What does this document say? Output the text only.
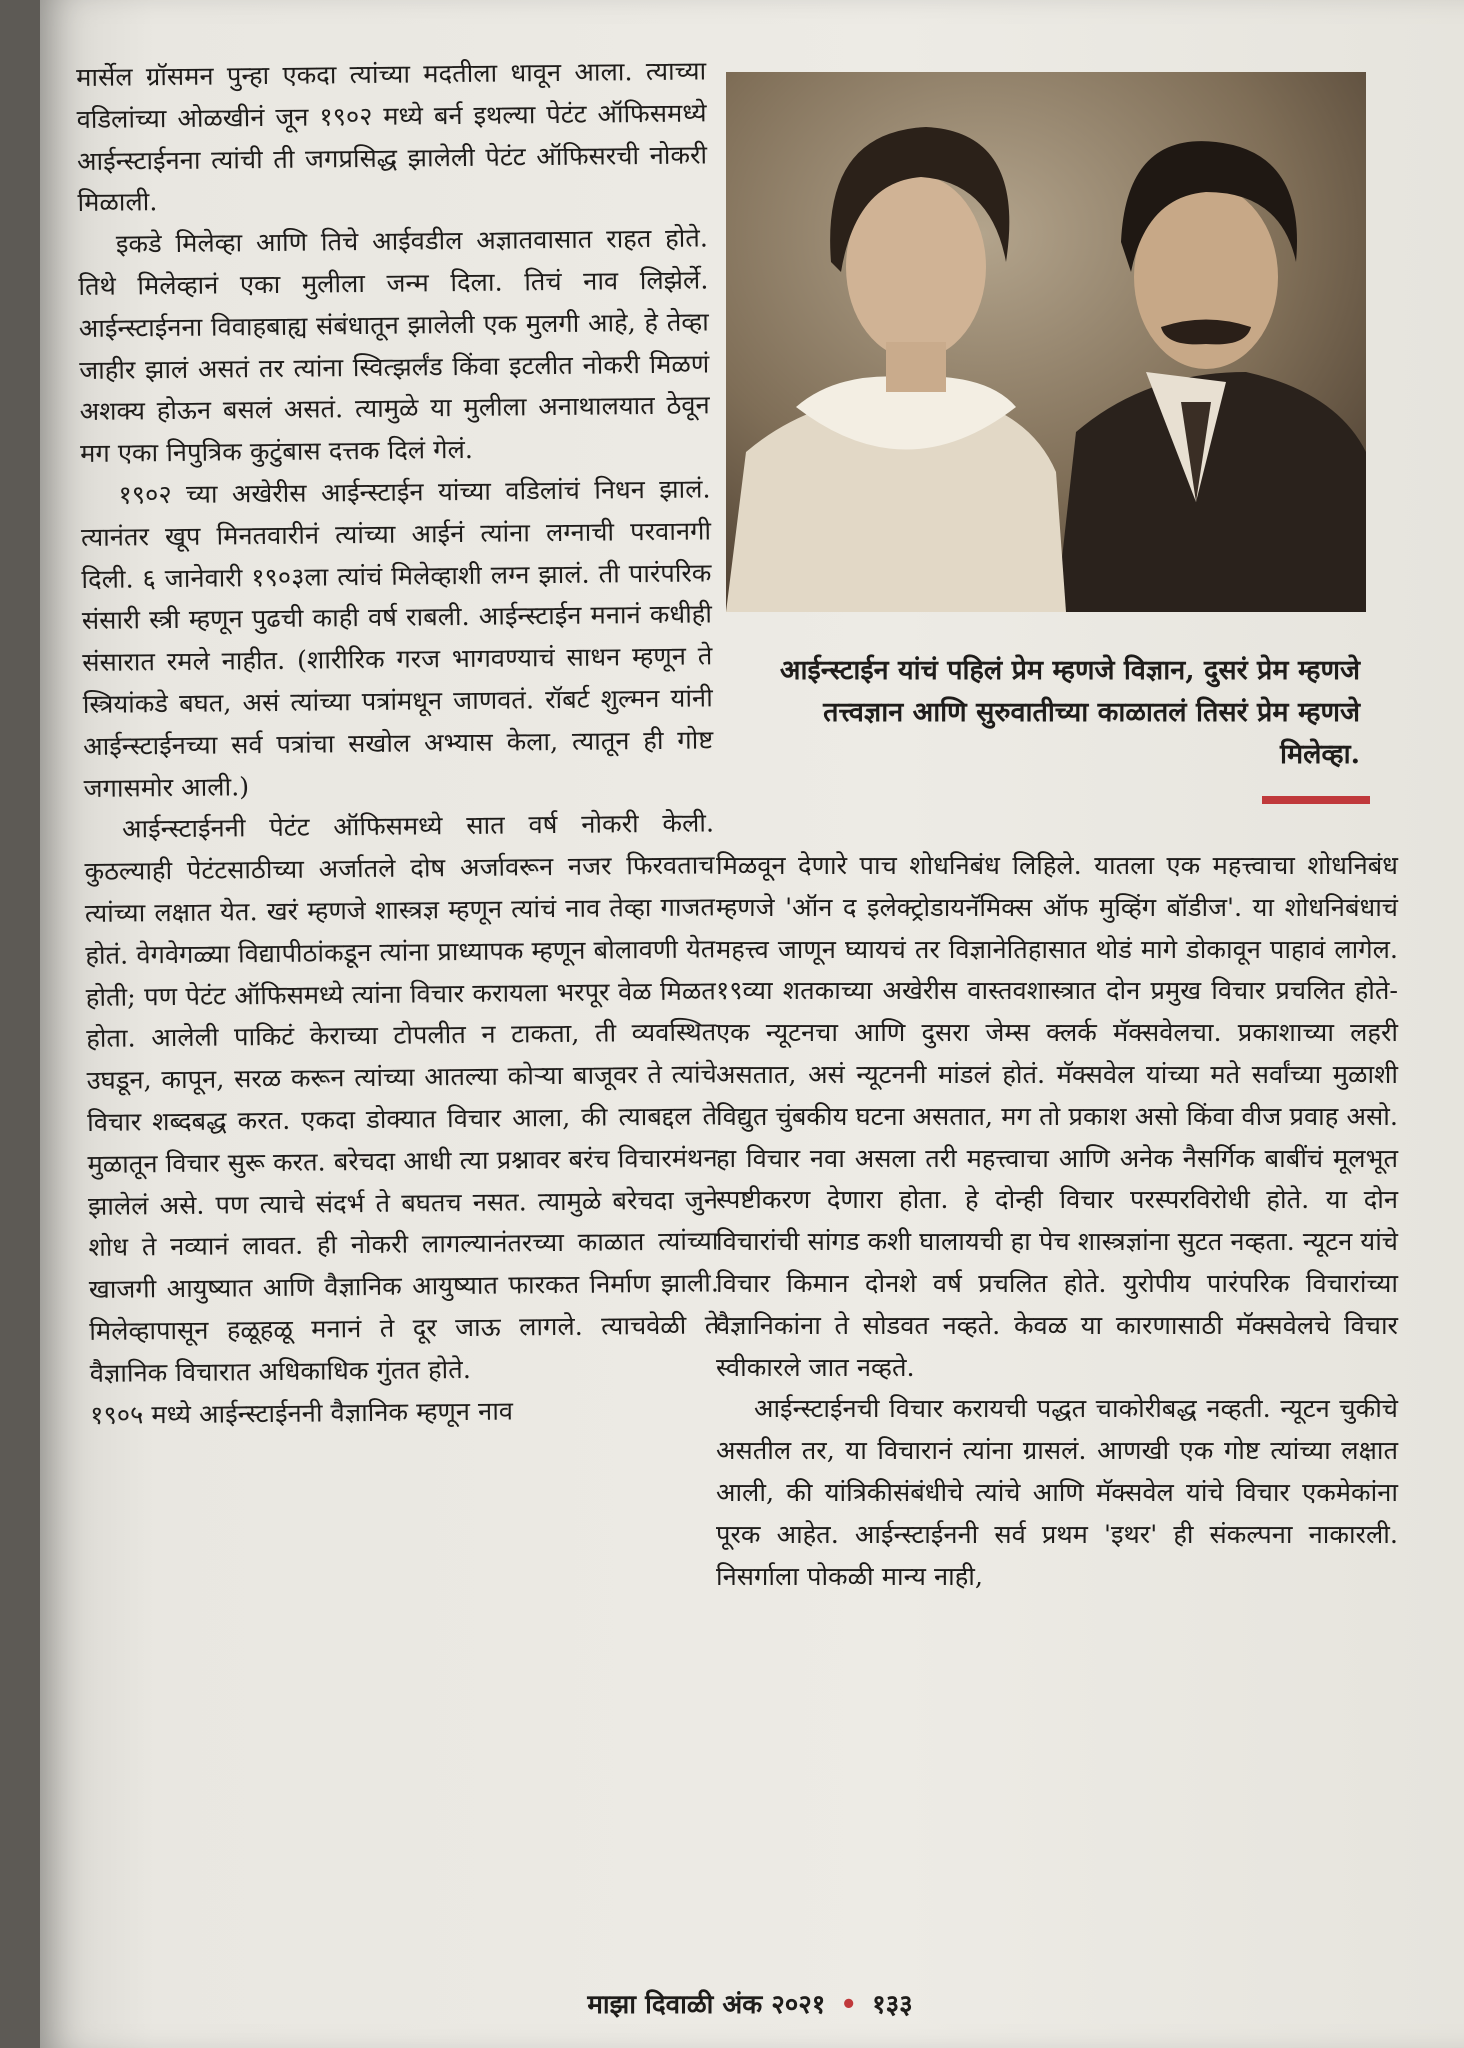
मार्सेल ग्रॉसमन पुन्हा एकदा त्यांच्या मदतीला धावून आला. त्याच्या वडिलांच्या ओळखीनं जून १९०२ मध्ये बर्न इथल्या पेटंट ऑफिसमध्ये आईन्स्टाईनना त्यांची ती जगप्रसिद्ध झालेली पेटंट ऑफिसरची नोकरी मिळाली.

इकडे मिलेव्हा आणि तिचे आईवडील अज्ञातवासात राहत होते. तिथे मिलेव्हानं एका मुलीला जन्म दिला. तिचं नाव लिझेर्ले. आईन्स्टाईनना विवाहबाह्य संबंधातून झालेली एक मुलगी आहे, हे तेव्हा जाहीर झालं असतं तर त्यांना स्वित्झर्लंड किंवा इटलीत नोकरी मिळणं अशक्य होऊन बसलं असतं. त्यामुळे या मुलीला अनाथालयात ठेवून मग एका निपुत्रिक कुटुंबास दत्तक दिलं गेलं.

१९०२ च्या अखेरीस आईन्स्टाईन यांच्या वडिलांचं निधन झालं. त्यानंतर खूप मिनतवारीनं त्यांच्या आईनं त्यांना लग्नाची परवानगी दिली. ६ जानेवारी १९०३ला त्यांचं मिलेव्हाशी लग्न झालं. ती पारंपरिक संसारी स्त्री म्हणून पुढची काही वर्ष राबली. आईन्स्टाईन मनानं कधीही संसारात रमले नाहीत. (शारीरिक गरज भागवण्याचं साधन म्हणून ते स्त्रियांकडे बघत, असं त्यांच्या पत्रांमधून जाणवतं. रॉबर्ट शुल्मन यांनी आईन्स्टाईनच्या सर्व पत्रांचा सखोल अभ्यास केला, त्यातून ही गोष्ट जगासमोर आली.)

आईन्स्टाईननी पेटंट ऑफिसमध्ये सात वर्ष नोकरी केली. कुठल्याही पेटंटसाठीच्या अर्जातले दोष अर्जावरून नजर फिरवताच त्यांच्या लक्षात येत. खरं म्हणजे शास्त्रज्ञ म्हणून त्यांचं नाव तेव्हा गाजत होतं. वेगवेगळ्या विद्यापीठांकडून त्यांना प्राध्यापक म्हणून बोलावणी येत होती; पण पेटंट ऑफिसमध्ये त्यांना विचार करायला भरपूर वेळ मिळत होता. आलेली पाकिटं केराच्या टोपलीत न टाकता, ती व्यवस्थित उघडून, कापून, सरळ करून त्यांच्या आतल्या कोऱ्या बाजूवर ते त्यांचे विचार शब्दबद्ध करत. एकदा डोक्यात विचार आला, की त्याबद्दल ते मुळातून विचार सुरू करत. बरेचदा आधी त्या प्रश्नावर बरंच विचारमंथन झालेलं असे. पण त्याचे संदर्भ ते बघतच नसत. त्यामुळे बरेचदा जुने शोध ते नव्यानं लावत. ही नोकरी लागल्यानंतरच्या काळात त्यांच्या खाजगी आयुष्यात आणि वैज्ञानिक आयुष्यात फारकत निर्माण झाली. मिलेव्हापासून हळूहळू मनानं ते दूर जाऊ लागले. त्याचवेळी ते वैज्ञानिक विचारात अधिकाधिक गुंतत होते.

१९०५ मध्ये आईन्स्टाईननी वैज्ञानिक म्हणून नाव

आईन्स्टाईन यांचं पहिलं प्रेम म्हणजे विज्ञान, दुसरं प्रेम म्हणजे तत्त्वज्ञान आणि सुरुवातीच्या काळातलं तिसरं प्रेम म्हणजे मिलेव्हा.

मिळवून देणारे पाच शोधनिबंध लिहिले. यातला एक महत्त्वाचा शोधनिबंध म्हणजे 'ऑन द इलेक्ट्रोडायनॅमिक्स ऑफ मुव्हिंग बॉडीज'. या शोधनिबंधाचं महत्त्व जाणून घ्यायचं तर विज्ञानेतिहासात थोडं मागे डोकावून पाहावं लागेल. १९व्या शतकाच्या अखेरीस वास्तवशास्त्रात दोन प्रमुख विचार प्रचलित होते- एक न्यूटनचा आणि दुसरा जेम्स क्लर्क मॅक्सवेलचा. प्रकाशाच्या लहरी असतात, असं न्यूटननी मांडलं होतं. मॅक्सवेल यांच्या मते सर्वांच्या मुळाशी विद्युत चुंबकीय घटना असतात, मग तो प्रकाश असो किंवा वीज प्रवाह असो. हा विचार नवा असला तरी महत्त्वाचा आणि अनेक नैसर्गिक बाबींचं मूलभूत स्पष्टीकरण देणारा होता. हे दोन्ही विचार परस्परविरोधी होते. या दोन विचारांची सांगड कशी घालायची हा पेच शास्त्रज्ञांना सुटत नव्हता. न्यूटन यांचे विचार किमान दोनशे वर्ष प्रचलित होते. युरोपीय पारंपरिक विचारांच्या वैज्ञानिकांना ते सोडवत नव्हते. केवळ या कारणासाठी मॅक्सवेलचे विचार स्वीकारले जात नव्हते.

आईन्स्टाईनची विचार करायची पद्धत चाकोरीबद्ध नव्हती. न्यूटन चुकीचे असतील तर, या विचारानं त्यांना ग्रासलं. आणखी एक गोष्ट त्यांच्या लक्षात आली, की यांत्रिकीसंबंधीचे त्यांचे आणि मॅक्सवेल यांचे विचार एकमेकांना पूरक आहेत. आईन्स्टाईननी सर्व प्रथम 'इथर' ही संकल्पना नाकारली. निसर्गाला पोकळी मान्य नाही,

माझा दिवाळी अंक २०२१ • १३३
